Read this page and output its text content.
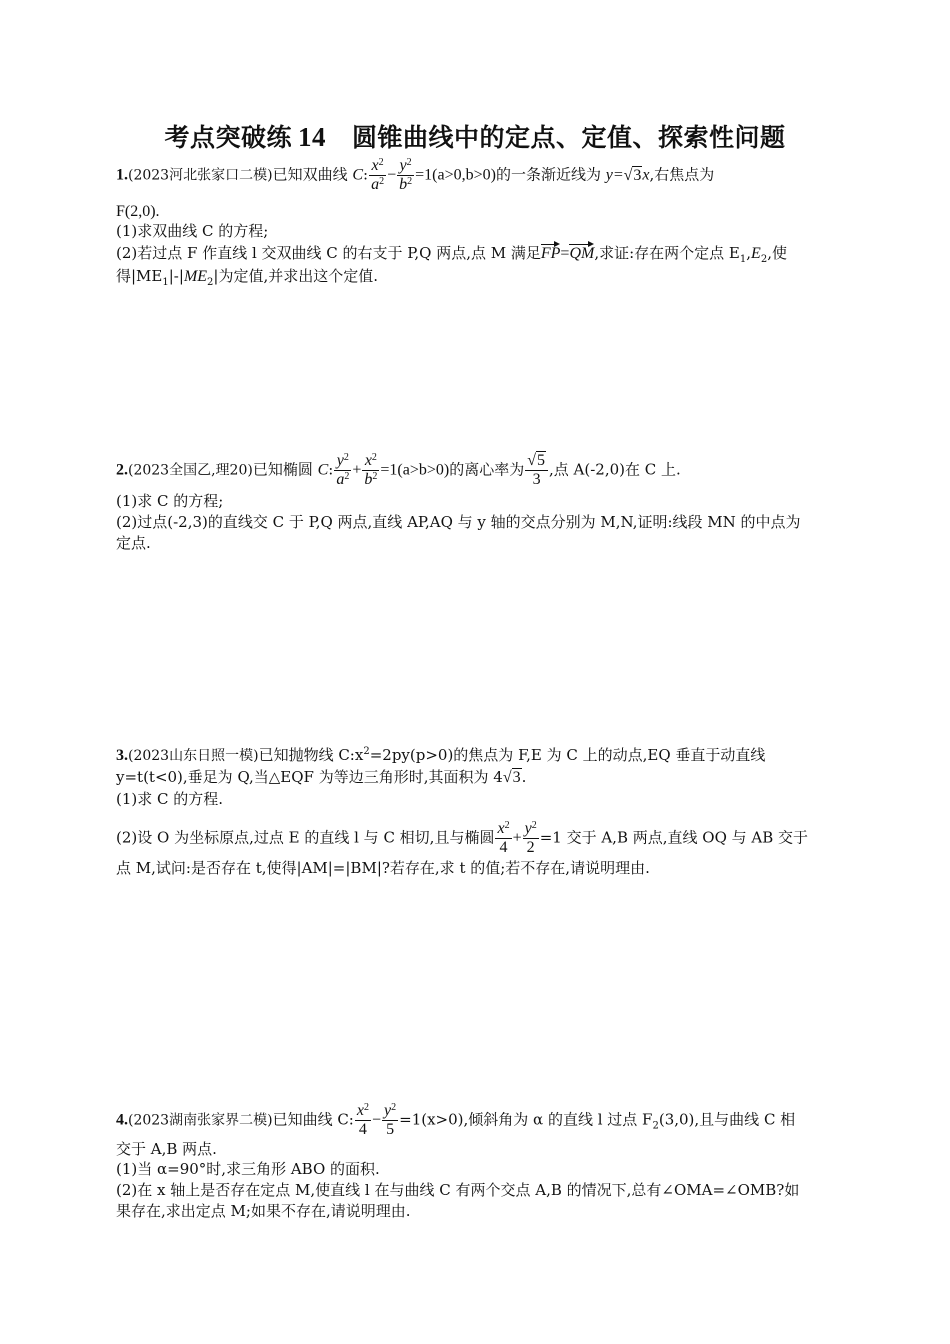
考点突破练 14 圆锥曲线中的定点、定值、探索性问题
1.(2023河北张家口二模)已知双曲线 C: $\frac{x^2}{a^2} - \frac{y^2}{b^2} =1(a>0,b>0)$的一条渐近线为 y=√3x,右焦点为
F(2,0).
(1)求双曲线 C 的方程;
(2)若过点 F 作直线 l 交双曲线 C 的右支于 P,Q 两点,点 M 满足FP=QM,求证:存在两个定点 $E_1,E_2$,使
得$|ME_1|-|ME_2|$为定值,并求出这个定值.
2.(2023全国乙,理20)已知椭圆 C: $\frac{y^2}{a^2} + \frac{x^2}{b^2} =1(a>b>0)$的离心率为 $\frac{√5}{3}$ ,点 A(-2,0)在 C 上.
(1)求 C 的方程;
(2)过点(-2,3)的直线交 C 于 P,Q 两点,直线 AP,AQ 与 y 轴的交点分别为 M,N,证明:线段 MN 的中点为
定点.
3.(2023山东日照一模)已知抛物线 $C:x^2=2py(p>0)$的焦点为 F,E 为 C 上的动点,EQ 垂直于动直线
y=t(t<0),垂足为 Q,当△EQF 为等边三角形时,其面积为 4√3.
(1)求 C 的方程.
(2)设 O 为坐标原点,过点 E 的直线 l 与 C 相切,且与椭圆 $\frac{x^2}{4} + \frac{y^2}{2} =1$ 交于 A,B 两点,直线 OQ 与 AB 交于
点 M,试问:是否存在 t,使得|AM|=|BM|?若存在,求 t 的值;若不存在,请说明理由.
4.(2023湖南张家界二模)已知曲线 C: $\frac{x^2}{4} - \frac{y^2}{5} =1(x>0)$,倾斜角为 α 的直线 l 过点 $F_2(3,0)$,且与曲线 C 相
交于 A,B 两点.
(1)当 α=90°时,求三角形 ABO 的面积.
(2)在 x 轴上是否存在定点 M,使直线 l 在与曲线 C 有两个交点 A,B 的情况下,总有∠OMA=∠OMB?如
果存在,求出定点 M;如果不存在,请说明理由.
